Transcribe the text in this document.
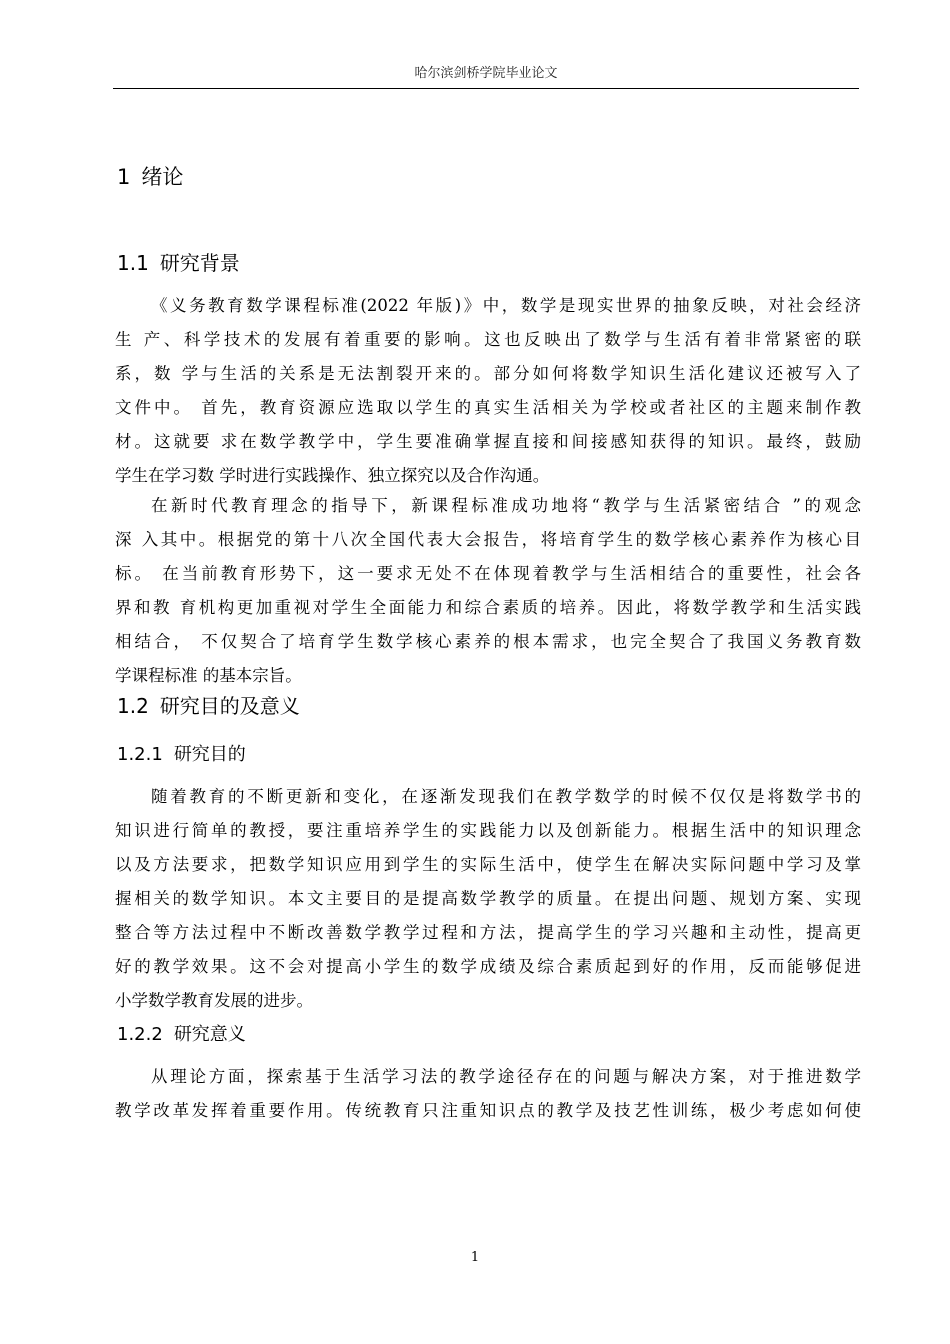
哈尔滨剑桥学院毕业论文
1 绪论
1.1 研究背景
《义务教育数学课程标准(2022 年版)》中，数学是现实世界的抽象反映，对社会经济
生 产、科学技术的发展有着重要的影响。这也反映出了数学与生活有着非常紧密的联
系，数 学与生活的关系是无法割裂开来的。部分如何将数学知识生活化建议还被写入了
文件中。 首先，教育资源应选取以学生的真实生活相关为学校或者社区的主题来制作教
材。这就要 求在数学教学中，学生要准确掌握直接和间接感知获得的知识。最终，鼓励
学生在学习数 学时进行实践操作、独立探究以及合作沟通。
在新时代教育理念的指导下，新课程标准成功地将“教学与生活紧密结合 ”的观念
深 入其中。根据党的第十八次全国代表大会报告，将培育学生的数学核心素养作为核心目
标。 在当前教育形势下，这一要求无处不在体现着教学与生活相结合的重要性，社会各
界和教 育机构更加重视对学生全面能力和综合素质的培养。因此，将数学教学和生活实践
相结合， 不仅契合了培育学生数学核心素养的根本需求，也完全契合了我国义务教育数
学课程标准 的基本宗旨。
1.2 研究目的及意义
1.2.1 研究目的
随着教育的不断更新和变化，在逐渐发现我们在教学数学的时候不仅仅是将数学书的
知识进行简单的教授，要注重培养学生的实践能力以及创新能力。根据生活中的知识理念
以及方法要求，把数学知识应用到学生的实际生活中，使学生在解决实际问题中学习及掌
握相关的数学知识。本文主要目的是提高数学教学的质量。在提出问题、规划方案、实现
整合等方法过程中不断改善数学教学过程和方法，提高学生的学习兴趣和主动性，提高更
好的教学效果。这不会对提高小学生的数学成绩及综合素质起到好的作用，反而能够促进
小学数学教育发展的进步。
1.2.2 研究意义
从理论方面，探索基于生活学习法的教学途径存在的问题与解决方案，对于推进数学
教学改革发挥着重要作用。传统教育只注重知识点的教学及技艺性训练，极少考虑如何使
1
